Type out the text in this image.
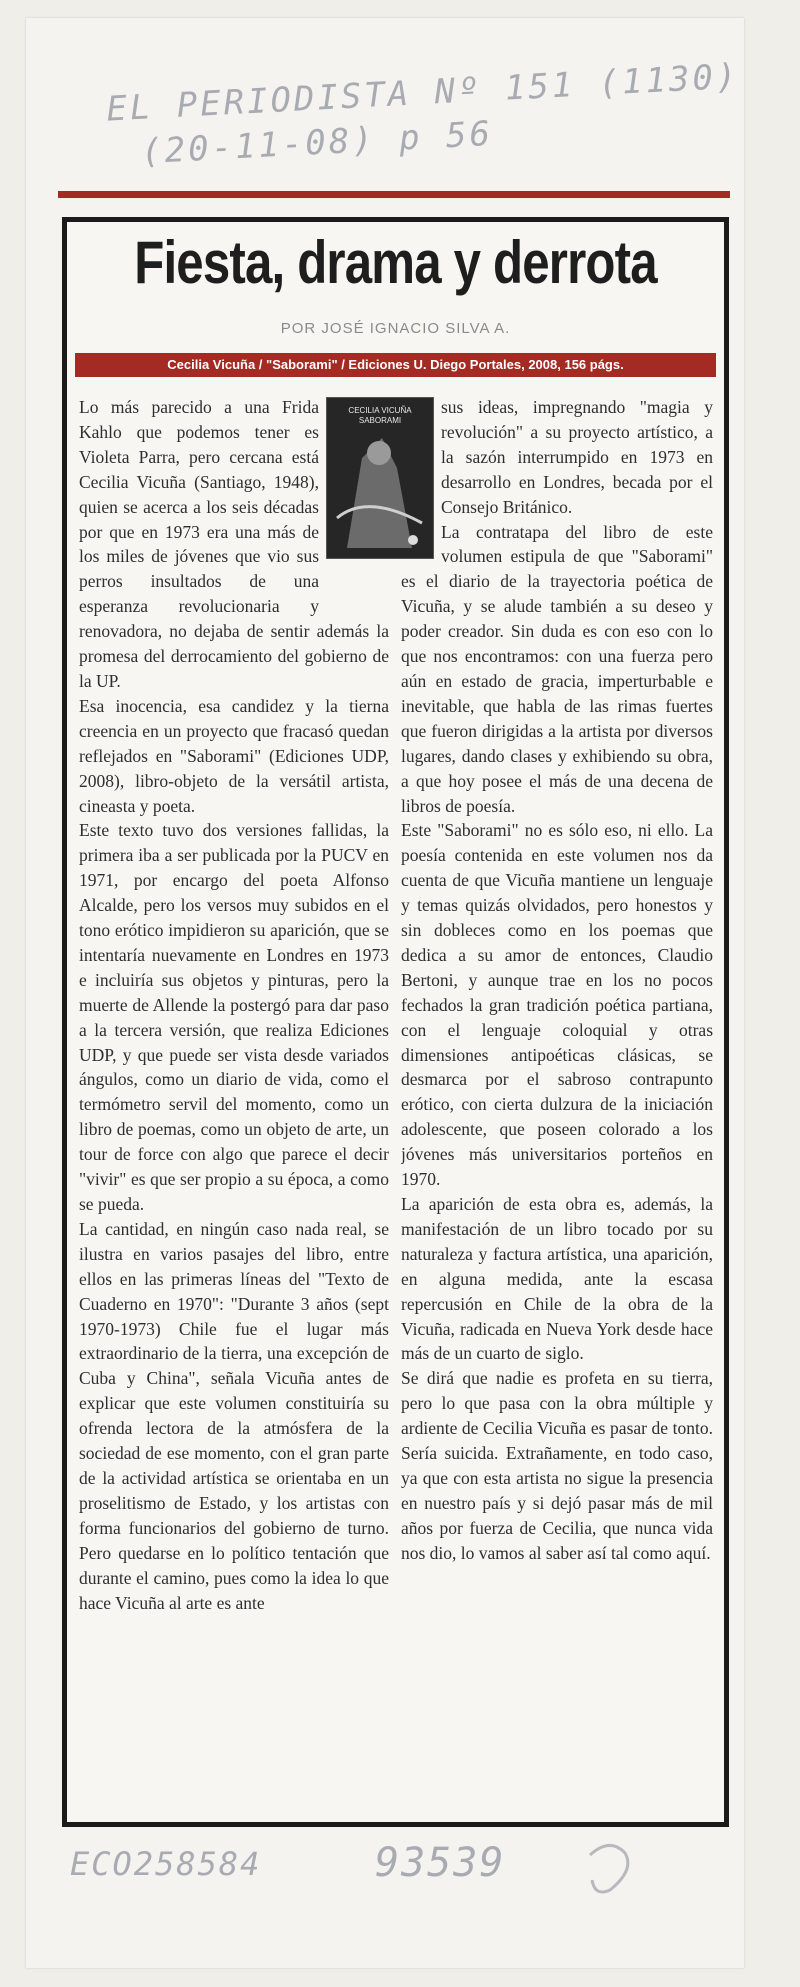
EL PERIODISTA Nº 151 (1130)
(20-11-08) p 56
Fiesta, drama y derrota
POR JOSÉ IGNACIO SILVA A.
Cecilia Vicuña / "Saborami" / Ediciones U. Diego Portales, 2008, 156 págs.
CECILIA VICUÑA SABORAMI

Lo más parecido a una Frida Kahlo que podemos tener es Violeta Parra, pero cercana está Cecilia Vicuña (Santiago, 1948), quien se acerca a los seis décadas por que en 1973 era una más de los miles de jóvenes que vio sus perros insultados de una esperanza revolucionaria y renovadora, no dejaba de sentir además la promesa del derrocamiento del gobierno de la UP.

Esa inocencia, esa candidez y la tierna creencia en un proyecto que fracasó quedan reflejados en "Saborami" (Ediciones UDP, 2008), libro-objeto de la versátil artista, cineasta y poeta.

Este texto tuvo dos versiones fallidas, la primera iba a ser publicada por la PUCV en 1971, por encargo del poeta Alfonso Alcalde, pero los versos muy subidos en el tono erótico impidieron su aparición, que se intentaría nuevamente en Londres en 1973 e incluiría sus objetos y pinturas, pero la muerte de Allende la postergó para dar paso a la tercera versión, que realiza Ediciones UDP, y que puede ser vista desde variados ángulos, como un diario de vida, como el termómetro servil del momento, como un libro de poemas, como un objeto de arte, un tour de force con algo que parece el decir "vivir" es que ser propio a su época, a como se pueda.

La cantidad, en ningún caso nada real, se ilustra en varios pasajes del libro, entre ellos en las primeras líneas del "Texto de Cuaderno en 1970": "Durante 3 años (sept 1970-1973) Chile fue el lugar más extraordinario de la tierra, una excepción de Cuba y China", señala Vicuña antes de explicar que este volumen constituiría su ofrenda lectora de la atmósfera de la sociedad de ese momento, con el gran parte de la actividad artística se orientaba en un proselitismo de Estado, y los artistas con forma funcionarios del gobierno de turno. Pero quedarse en lo político tentación que durante el camino, pues como la idea lo que hace Vicuña al arte es ante

sus ideas, impregnando "magia y revolución" a su proyecto artístico, a la sazón interrumpido en 1973 en desarrollo en Londres, becada por el Consejo Británico.

La contratapa del libro de este volumen estipula de que "Saborami" es el diario de la trayectoria poética de Vicuña, y se alude también a su deseo y poder creador. Sin duda es con eso con lo que nos encontramos: con una fuerza pero aún en estado de gracia, imperturbable e inevitable, que habla de las rimas fuertes que fueron dirigidas a la artista por diversos lugares, dando clases y exhibiendo su obra, a que hoy posee el más de una decena de libros de poesía.

Este "Saborami" no es sólo eso, ni ello. La poesía contenida en este volumen nos da cuenta de que Vicuña mantiene un lenguaje y temas quizás olvidados, pero honestos y sin dobleces como en los poemas que dedica a su amor de entonces, Claudio Bertoni, y aunque trae en los no pocos fechados la gran tradición poética partiana, con el lenguaje coloquial y otras dimensiones antipoéticas clásicas, se desmarca por el sabroso contrapunto erótico, con cierta dulzura de la iniciación adolescente, que poseen colorado a los jóvenes más universitarios porteños en 1970.

La aparición de esta obra es, además, la manifestación de un libro tocado por su naturaleza y factura artística, una aparición, en alguna medida, ante la escasa repercusión en Chile de la obra de la Vicuña, radicada en Nueva York desde hace más de un cuarto de siglo.

Se dirá que nadie es profeta en su tierra, pero lo que pasa con la obra múltiple y ardiente de Cecilia Vicuña es pasar de tonto. Sería suicida. Extrañamente, en todo caso, ya que con esta artista no sigue la presencia en nuestro país y si dejó pasar más de mil años por fuerza de Cecilia, que nunca vida nos dio, lo vamos al saber así tal como aquí.

ECO258584	93539
